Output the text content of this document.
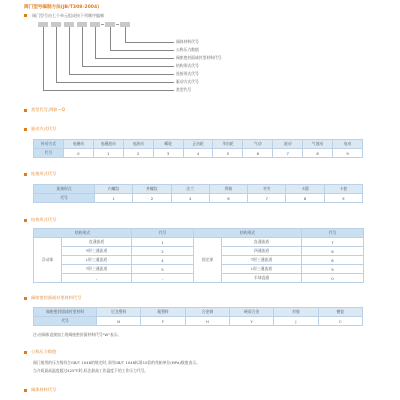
阀门型号编制方法(JB/T308-2004)
阀门型号由七个单元组成按下列顺序编制
阀体材料代号
公称压力数值
阀座密封面或衬里材料代号
结构形式代号
连接形式代号
驱动方式代号
类型代号
类型代号,例如—Q
驱动方式代号
传动方式	电磁动	电磁液动	电液动	蜗轮	正齿轮	伞齿轮	气动	液动	气液动	电动
代号	0	1	2	3	4	5	6	7	8	9
连接形式代号
连接形式	内螺纹	外螺纹	法兰	焊接	对夹	卡箍	卡套
代号	1	2	4	6	7	8	9
结构形式代号
结构形式		代号	结构形式		代号
浮动球	直通流道	1	固定球	直通流道	7
	Y形三通流道	2		四通流道	6
	L形三通流道	4		T形三通流道	8
	T形三通流道	5		L形三通流道	9
	-	-		半球直通	0
阀座密封面或衬里材料代号
阀座密封面或衬里材料	尼龙塑料	氟塑料	合金钢	硬质合金	衬胶	搪瓷
代号	N	F	H	Y	J	C
注:由阀体直接加工的阀座密封面材料代号"W"表示。
公称压力数值
阀门使用的压力级符合GB/T 1048的规定时,采用GB/T 1048标准10倍的兆帕单位(MPa)数值表示。
当介质最高温度超过425℃时,标注最高工作温度下的工作压力代号。
阀体材料代号
